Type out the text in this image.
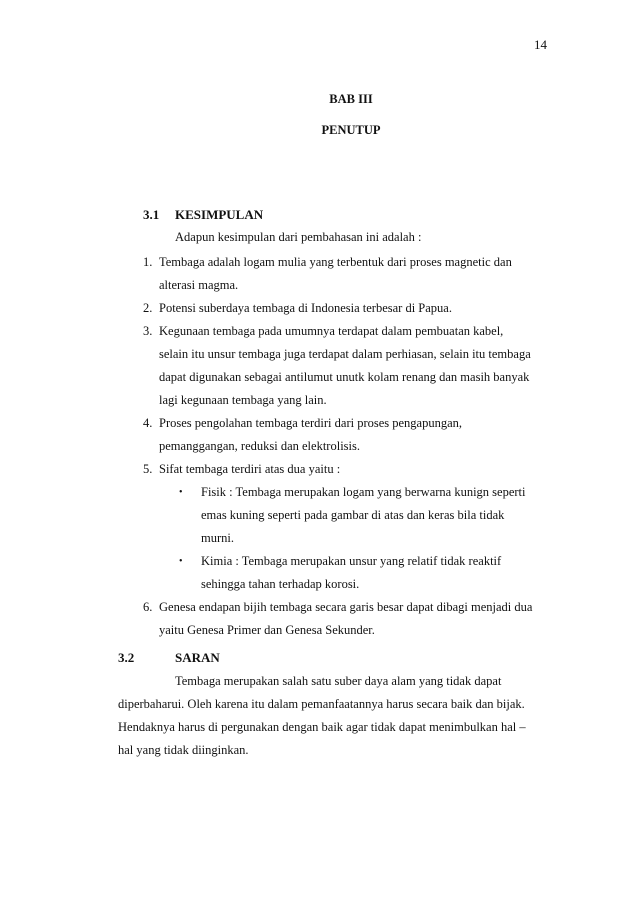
14
BAB III
PENUTUP
3.1 KESIMPULAN
Adapun kesimpulan dari pembahasan ini adalah :
1. Tembaga adalah logam mulia yang terbentuk dari proses magnetic dan
alterasi magma.
2. Potensi suberdaya tembaga di Indonesia terbesar di Papua.
3. Kegunaan tembaga pada umumnya terdapat dalam pembuatan kabel,
selain itu unsur tembaga juga terdapat dalam perhiasan, selain itu tembaga
dapat digunakan sebagai antilumut unutk kolam renang dan masih banyak
lagi kegunaan tembaga yang lain.
4. Proses pengolahan tembaga terdiri dari proses pengapungan,
pemanggangan, reduksi dan elektrolisis.
5. Sifat tembaga terdiri atas dua yaitu :
• Fisik : Tembaga merupakan logam yang berwarna kunign seperti
emas kuning seperti pada gambar di atas dan keras bila tidak
murni.
• Kimia : Tembaga merupakan unsur yang relatif tidak reaktif
sehingga tahan terhadap korosi.
6. Genesa endapan bijih tembaga secara garis besar dapat dibagi menjadi dua
yaitu Genesa Primer dan Genesa Sekunder.
3.2	SARAN
Tembaga merupakan salah satu suber daya alam yang tidak dapat
diperbaharui. Oleh karena itu dalam pemanfaatannya harus secara baik dan bijak.
Hendaknya harus di pergunakan dengan baik agar tidak dapat menimbulkan hal –
hal yang tidak diinginkan.
